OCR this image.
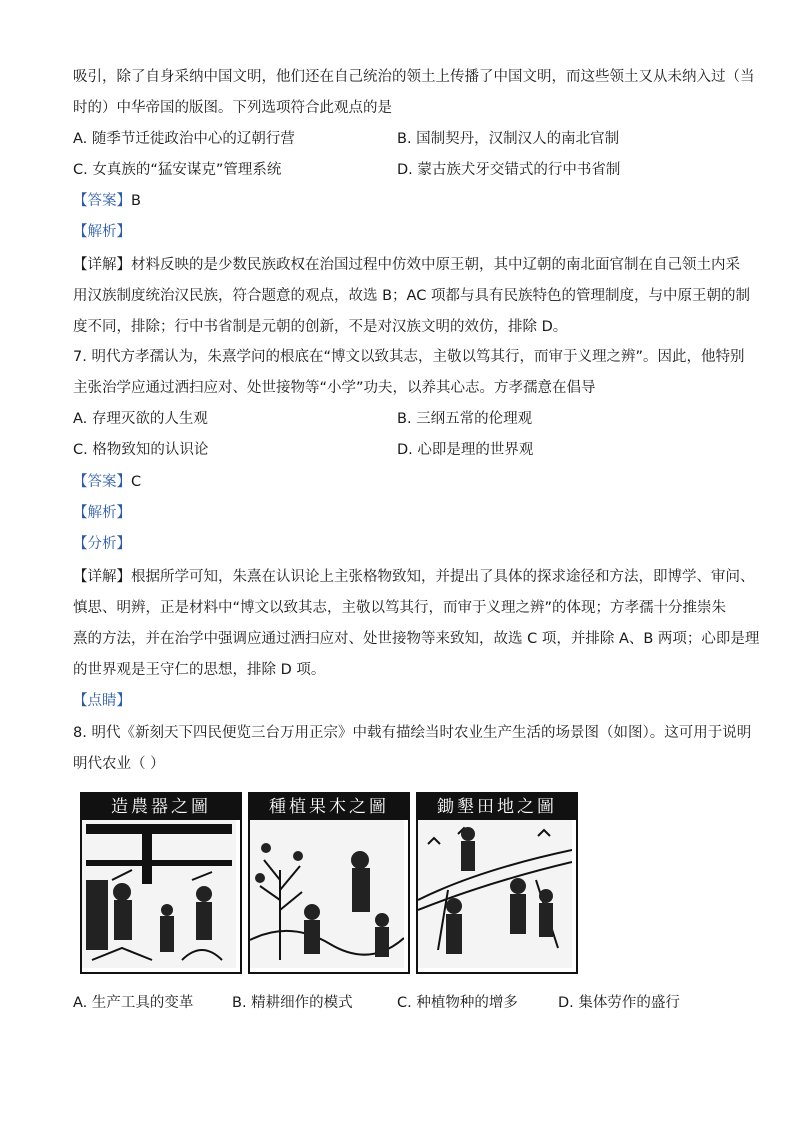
吸引，除了自身采纳中国文明，他们还在自己统治的领土上传播了中国文明，而这些领土又从未纳入过（当
时的）中华帝国的版图。下列选项符合此观点的是
A. 随季节迁徙政治中心的辽朝行营	B. 国制契丹，汉制汉人的南北官制
C. 女真族的“猛安谋克”管理系统	D. 蒙古族犬牙交错式的行中书省制
【答案】B
【解析】
【详解】材料反映的是少数民族政权在治国过程中仿效中原王朝，其中辽朝的南北面官制在自己领土内采
用汉族制度统治汉民族，符合题意的观点，故选 B；AC 项都与具有民族特色的管理制度，与中原王朝的制
度不同，排除；行中书省制是元朝的创新，不是对汉族文明的效仿，排除 D。
7. 明代方孝孺认为，朱熹学问的根底在“博文以致其志，主敬以笃其行，而审于义理之辨”。因此，他特别
主张治学应通过洒扫应对、处世接物等“小学”功夫，以养其心志。方孝孺意在倡导
A. 存理灭欲的人生观	B. 三纲五常的伦理观
C. 格物致知的认识论	D. 心即是理的世界观
【答案】C
【解析】
【分析】
【详解】根据所学可知，朱熹在认识论上主张格物致知，并提出了具体的探求途径和方法，即博学、审问、
慎思、明辨，正是材料中“博文以致其志，主敬以笃其行，而审于义理之辨”的体现；方孝孺十分推崇朱
熹的方法，并在治学中强调应通过洒扫应对、处世接物等来致知，故选 C 项，并排除 A、B 两项；心即是理
的世界观是王守仁的思想，排除 D 项。
【点睛】
8. 明代《新刻天下四民便览三台万用正宗》中载有描绘当时农业生产生活的场景图（如图）。这可用于说明
明代农业（ ）
造農器之圖	種植果木之圖	鋤墾田地之圖
A. 生产工具的变革	B. 精耕细作的模式	C. 种植物种的增多	D. 集体劳作的盛行
